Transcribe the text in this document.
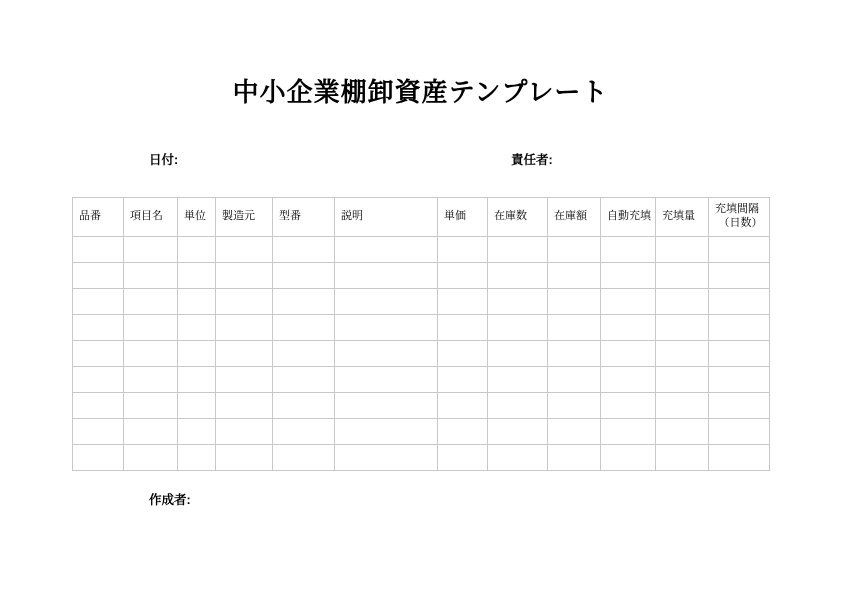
中小企業棚卸資産テンプレート
日付:	責任者:
品番	項目名	単位	製造元	型番	説明	単価	在庫数	在庫額	自動充填	充填量	充填間隔
（日数）

作成者:
